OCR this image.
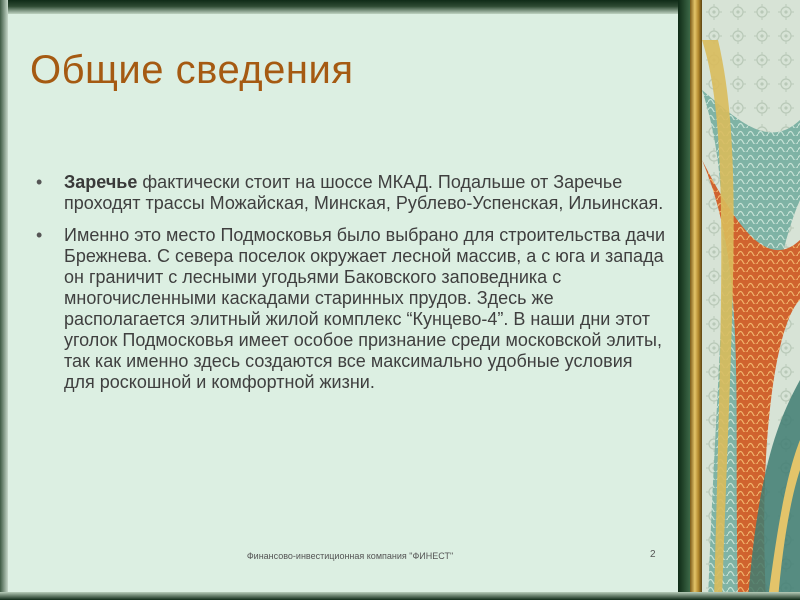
Общие сведения
• Заречье фактически стоит на шоссе МКАД. Подальше от Заречье проходят трассы Можайская, Минская, Рублево-Успенская, Ильинская.
• Именно это место Подмосковья было выбрано для строительства дачи Брежнева. С севера поселок окружает лесной массив, а с юга и запада он граничит с лесными угодьями Баковского заповедника с многочисленными каскадами старинных прудов. Здесь же располагается элитный жилой комплекс “Кунцево-4”. В наши дни этот уголок Подмосковья имеет особое признание среди московской элиты, так как именно здесь создаются все максимально удобные условия для роскошной и комфортной жизни.
Финансово-инвестиционная компания "ФИНЕСТ"	2
